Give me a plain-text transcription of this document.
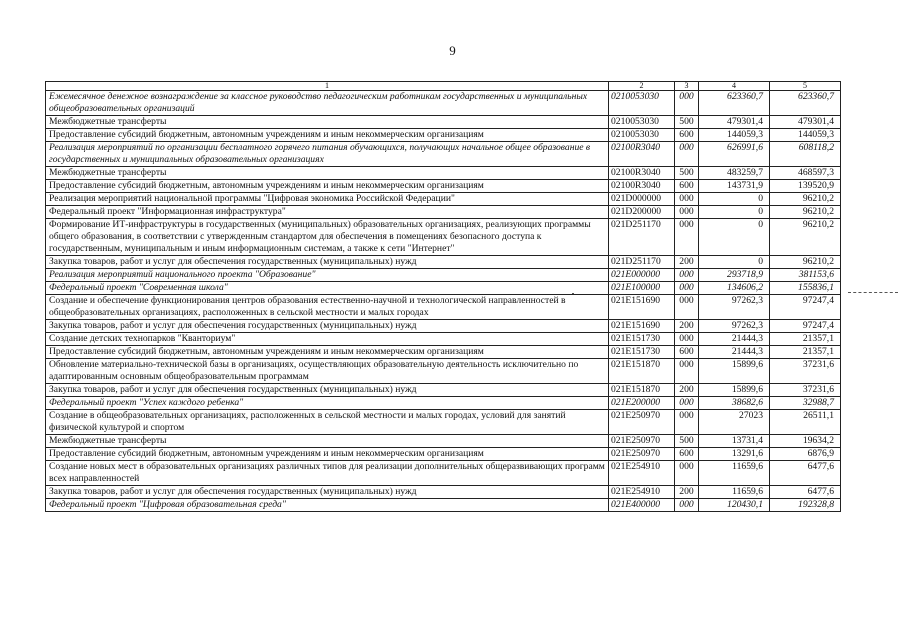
9
1	2	3	4	5
Ежемесячное денежное вознаграждение за классное руководство педагогическим работникам государственных и муниципальных общеобразовательных организаций	0210053030	000	623360,7	623360,7
Межбюджетные трансферты	0210053030	500	479301,4	479301,4
Предоставление субсидий бюджетным, автономным учреждениям и иным некоммерческим организациям	0210053030	600	144059,3	144059,3
Реализация мероприятий по организации бесплатного горячего питания обучающихся, получающих начальное общее образование в государственных и муниципальных образовательных организациях	02100R3040	000	626991,6	608118,2
Межбюджетные трансферты	02100R3040	500	483259,7	468597,3
Предоставление субсидий бюджетным, автономным учреждениям и иным некоммерческим организациям	02100R3040	600	143731,9	139520,9
Реализация мероприятий национальной программы "Цифровая экономика Российской Федерации"	021D000000	000	0	96210,2
Федеральный проект "Информационная инфраструктура"	021D200000	000	0	96210,2
Формирование ИТ-инфраструктуры в государственных (муниципальных) образовательных организациях, реализующих программы общего образования, в соответствии с утвержденным стандартом для обеспечения в помещениях безопасного доступа к государственным, муниципальным и иным информационным системам, а также к сети "Интернет"	021D251170	000	0	96210,2
Закупка товаров, работ и услуг для обеспечения государственных (муниципальных) нужд	021D251170	200	0	96210,2
Реализация мероприятий национального проекта "Образование"	021E000000	000	293718,9	381153,6
Федеральный проект "Современная школа"	021E100000	000	134606,2	155836,1
Создание и обеспечение функционирования центров образования естественно-научной и технологической направленностей в общеобразовательных организациях, расположенных в сельской местности и малых городах	021E151690	000	97262,3	97247,4
Закупка товаров, работ и услуг для обеспечения государственных (муниципальных) нужд	021E151690	200	97262,3	97247,4
Создание детских технопарков "Кванториум"	021E151730	000	21444,3	21357,1
Предоставление субсидий бюджетным, автономным учреждениям и иным некоммерческим организациям	021E151730	600	21444,3	21357,1
Обновление материально-технической базы в организациях, осуществляющих образовательную деятельность исключительно по адаптированным основным общеобразовательным программам	021E151870	000	15899,6	37231,6
Закупка товаров, работ и услуг для обеспечения государственных (муниципальных) нужд	021E151870	200	15899,6	37231,6
Федеральный проект "Успех каждого ребенка"	021E200000	000	38682,6	32988,7
Создание в общеобразовательных организациях, расположенных в сельской местности и малых городах, условий для занятий физической культурой и спортом	021E250970	000	27023	26511,1
Межбюджетные трансферты	021E250970	500	13731,4	19634,2
Предоставление субсидий бюджетным, автономным учреждениям и иным некоммерческим организациям	021E250970	600	13291,6	6876,9
Создание новых мест в образовательных организациях различных типов для реализации дополнительных общеразвивающих программ всех направленностей	021E254910	000	11659,6	6477,6
Закупка товаров, работ и услуг для обеспечения государственных (муниципальных) нужд	021E254910	200	11659,6	6477,6
Федеральный проект "Цифровая образовательная среда"	021E400000	000	120430,1	192328,8
